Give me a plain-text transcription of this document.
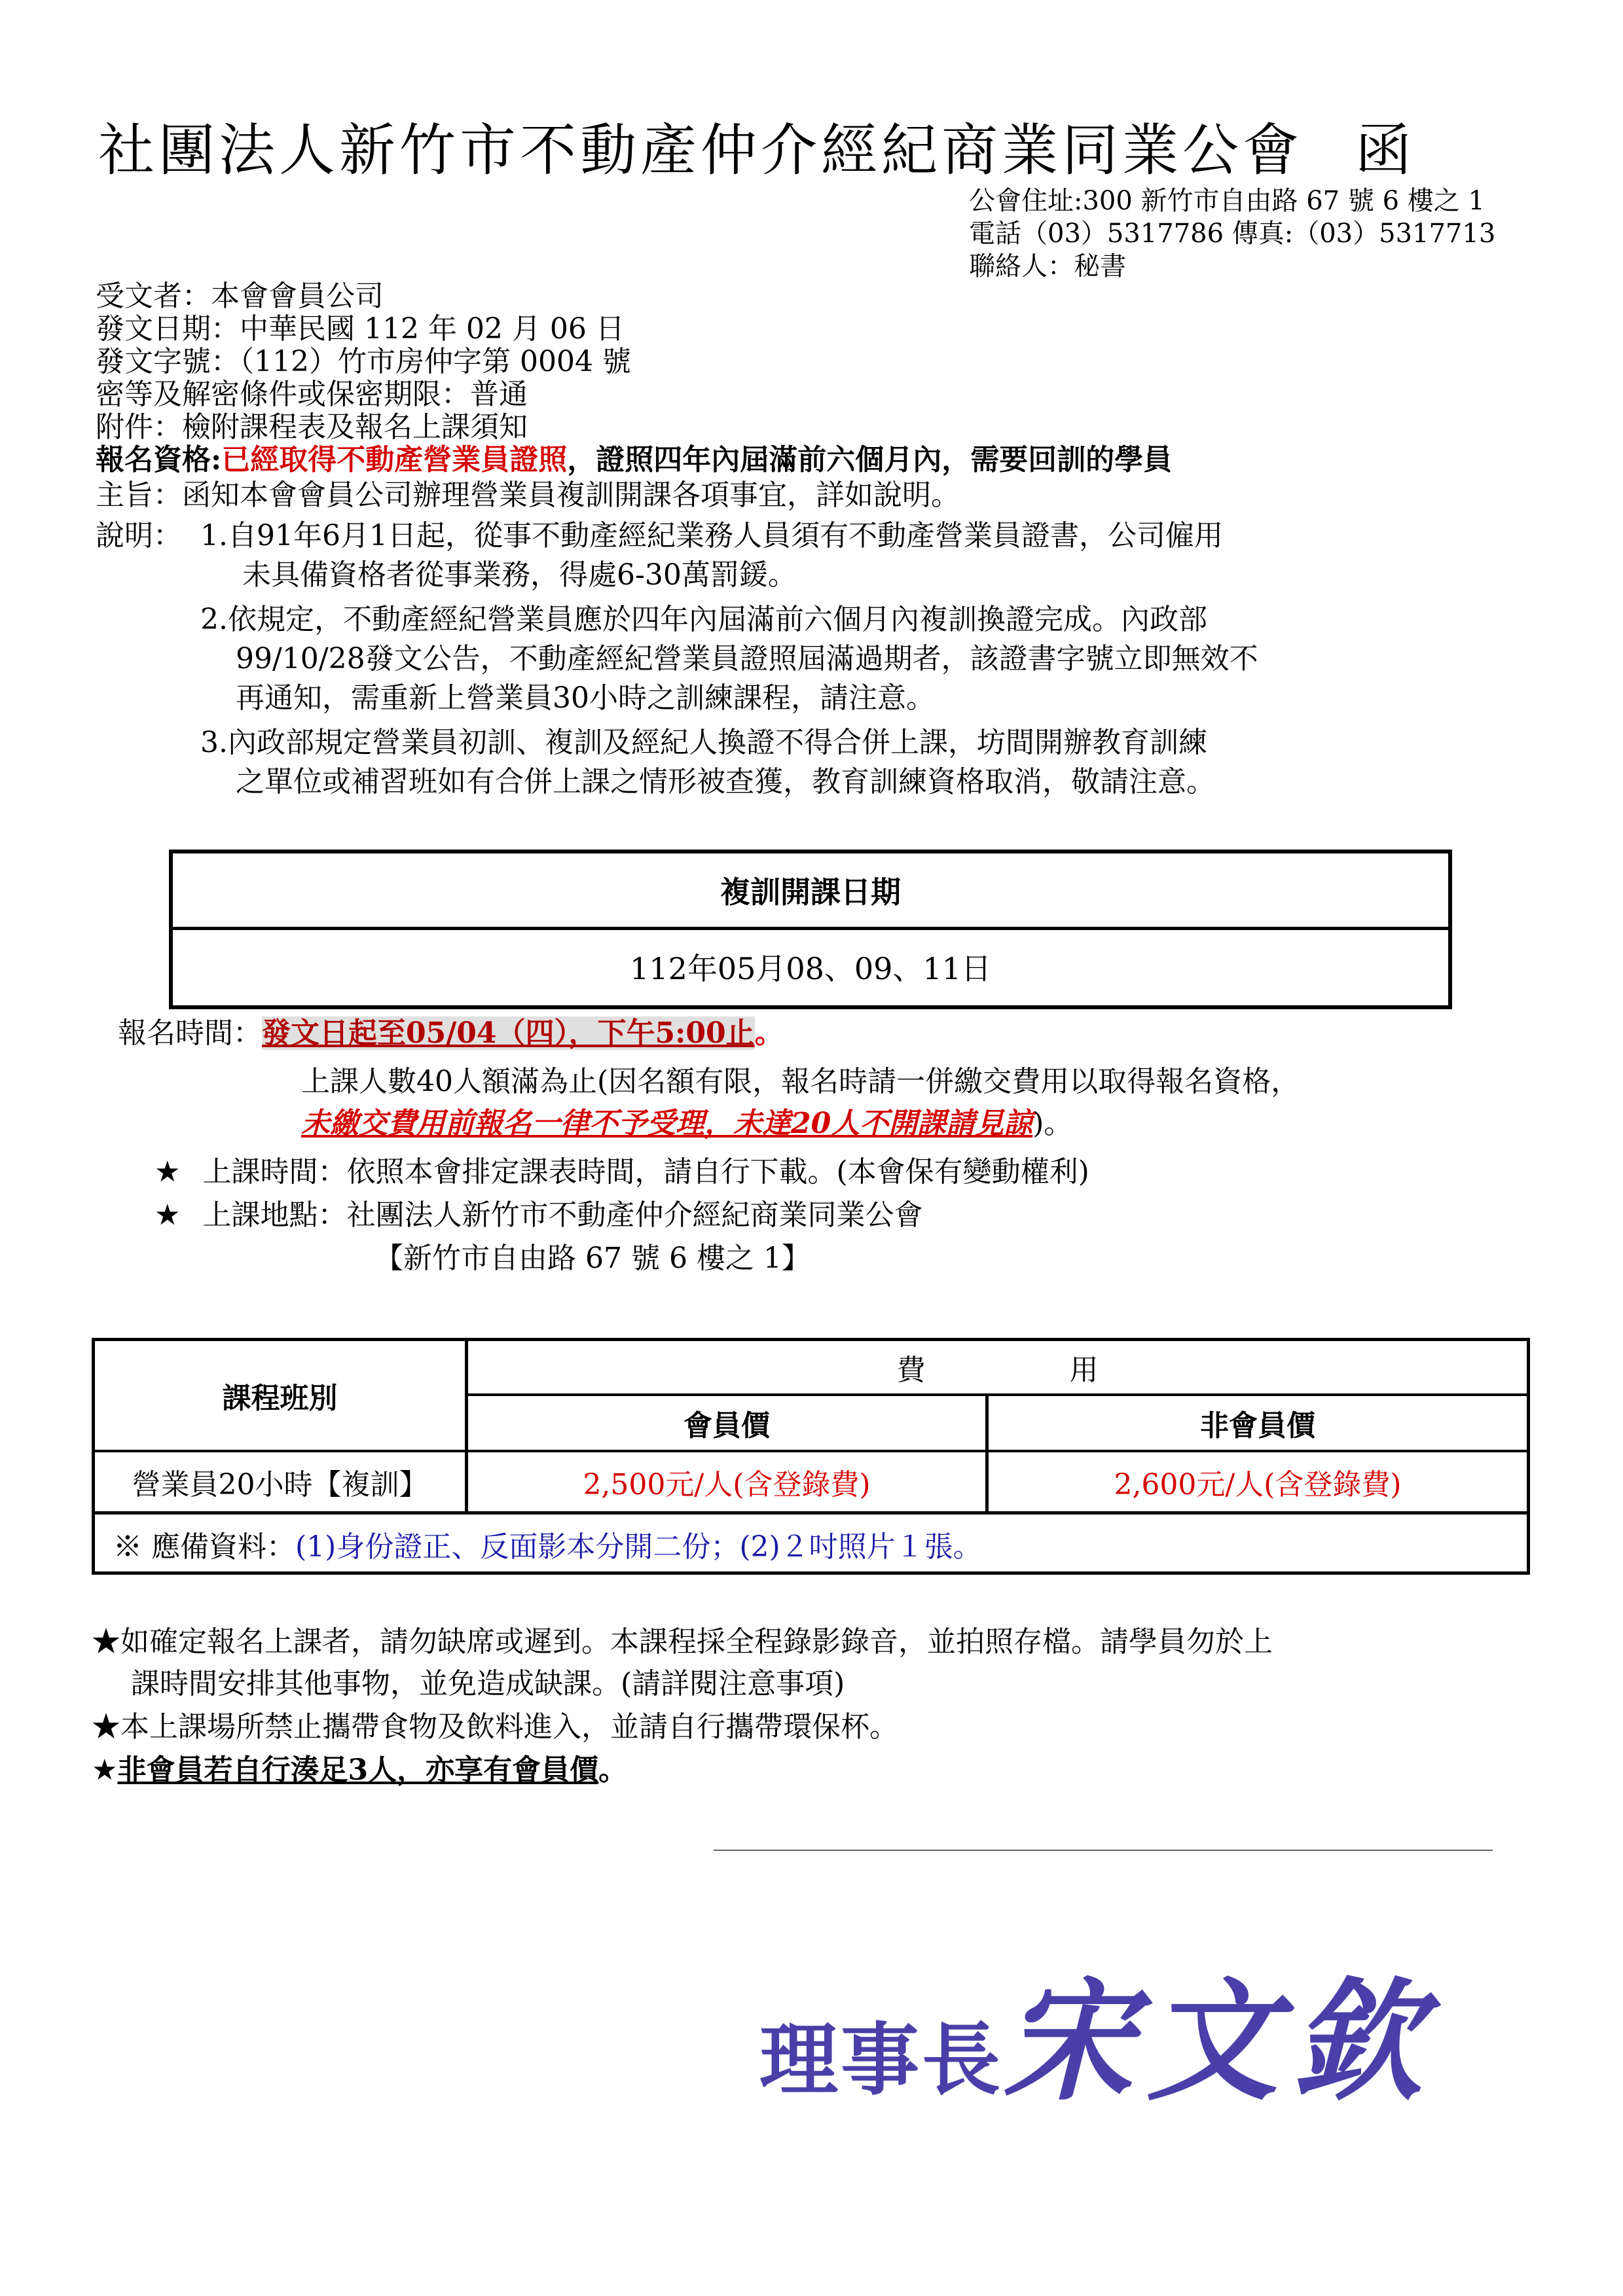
社團法人新竹市不動產仲介經紀商業同業公會 函
公會住址:300 新竹市自由路 67 號 6 樓之 1
電話（03）5317786 傳真:（03）5317713
聯絡人：秘書
受文者：本會會員公司
發文日期：中華民國 112 年 02 月 06 日
發文字號：（112）竹市房仲字第 0004 號
密等及解密條件或保密期限：普通
附件：檢附課程表及報名上課須知
報名資格:已經取得不動產營業員證照，證照四年內屆滿前六個月內，需要回訓的學員
主旨：函知本會會員公司辦理營業員複訓開課各項事宜，詳如說明。
說明： 1.自91年6月1日起，從事不動產經紀業務人員須有不動產營業員證書，公司僱用
未具備資格者從事業務，得處6-30萬罰鍰。
2.依規定，不動產經紀營業員應於四年內屆滿前六個月內複訓換證完成。內政部
99/10/28發文公告，不動產經紀營業員證照屆滿過期者，該證書字號立即無效不
再通知，需重新上營業員30小時之訓練課程，請注意。
3.內政部規定營業員初訓、複訓及經紀人換證不得合併上課，坊間開辦教育訓練
之單位或補習班如有合併上課之情形被查獲，教育訓練資格取消，敬請注意。
複訓開課日期
112年05月08、09、11日
報名時間：發文日起至05/04（四），下午5:00止。
上課人數40人額滿為止(因名額有限，報名時請一併繳交費用以取得報名資格，
未繳交費用前報名一律不予受理，未達20人不開課請見諒)。
★ 上課時間：依照本會排定課表時間，請自行下載。(本會保有變動權利)
★ 上課地點：社團法人新竹市不動產仲介經紀商業同業公會
【新竹市自由路 67 號 6 樓之 1】
課程班別
費　　　　　用
會員價	非會員價
營業員20小時【複訓】	2,500元/人(含登錄費)	2,600元/人(含登錄費)
※ 應備資料： (1)身份證正、反面影本分開二份；(2)２吋照片１張。
★如確定報名上課者，請勿缺席或遲到。本課程採全程錄影錄音，並拍照存檔。請學員勿於上
課時間安排其他事物，並免造成缺課。(請詳閱注意事項)
★本上課場所禁止攜帶食物及飲料進入，並請自行攜帶環保杯。
★非會員若自行湊足3人，亦享有會員價。
理事長宋文欽
